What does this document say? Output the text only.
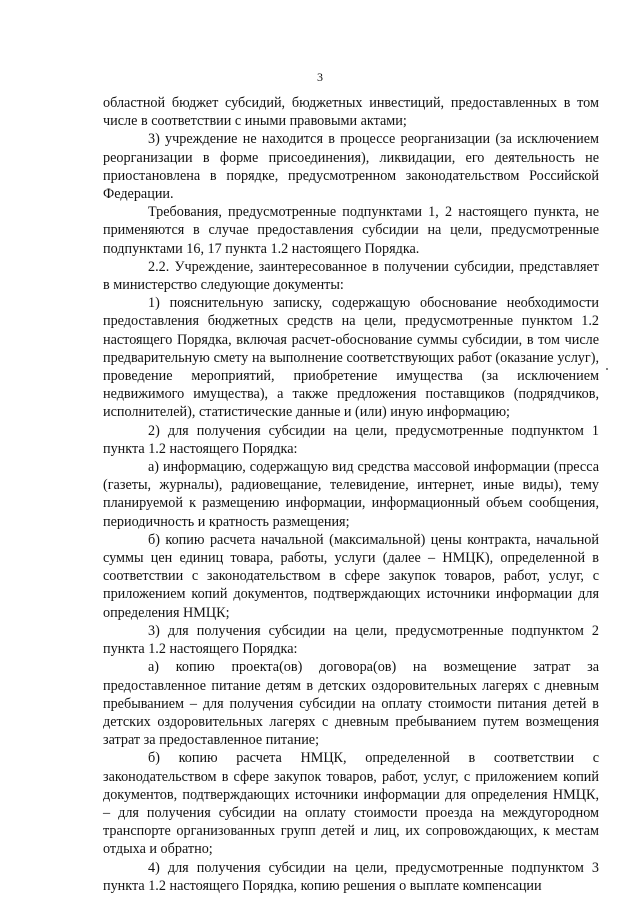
3

областной бюджет субсидий, бюджетных инвестиций, предоставленных в том числе в соответствии с иными правовыми актами;

3) учреждение не находится в процессе реорганизации (за исключением реорганизации в форме присоединения), ликвидации, его деятельность не приостановлена в порядке, предусмотренном законодательством Российской Федерации.

Требования, предусмотренные подпунктами 1, 2 настоящего пункта, не применяются в случае предоставления субсидии на цели, предусмотренные подпунктами 16, 17 пункта 1.2 настоящего Порядка.

2.2. Учреждение, заинтересованное в получении субсидии, представляет в министерство следующие документы:

1) пояснительную записку, содержащую обоснование необходимости предоставления бюджетных средств на цели, предусмотренные пунктом 1.2 настоящего Порядка, включая расчет-обоснование суммы субсидии, в том числе предварительную смету на выполнение соответствующих работ (оказание услуг), проведение мероприятий, приобретение имущества (за исключением недвижимого имущества), а также предложения поставщиков (подрядчиков, исполнителей), статистические данные и (или) иную информацию;

2) для получения субсидии на цели, предусмотренные подпунктом 1 пункта 1.2 настоящего Порядка:

а) информацию, содержащую вид средства массовой информации (пресса (газеты, журналы), радиовещание, телевидение, интернет, иные виды), тему планируемой к размещению информации, информационный объем сообщения, периодичность и кратность размещения;

б) копию расчета начальной (максимальной) цены контракта, начальной суммы цен единиц товара, работы, услуги (далее – НМЦК), определенной в соответствии с законодательством в сфере закупок товаров, работ, услуг, с приложением копий документов, подтверждающих источники информации для определения НМЦК;

3) для получения субсидии на цели, предусмотренные подпунктом 2 пункта 1.2 настоящего Порядка:

а) копию проекта(ов) договора(ов) на возмещение затрат за предоставленное питание детям в детских оздоровительных лагерях с дневным пребыванием – для получения субсидии на оплату стоимости питания детей в детских оздоровительных лагерях с дневным пребыванием путем возмещения затрат за предоставленное питание;

б) копию расчета НМЦК, определенной в соответствии с законодательством в сфере закупок товаров, работ, услуг, с приложением копий документов, подтверждающих источники информации для определения НМЦК, – для получения субсидии на оплату стоимости проезда на междугородном транспорте организованных групп детей и лиц, их сопровождающих, к местам отдыха и обратно;

4) для получения субсидии на цели, предусмотренные подпунктом 3 пункта 1.2 настоящего Порядка, копию решения о выплате компенсации
